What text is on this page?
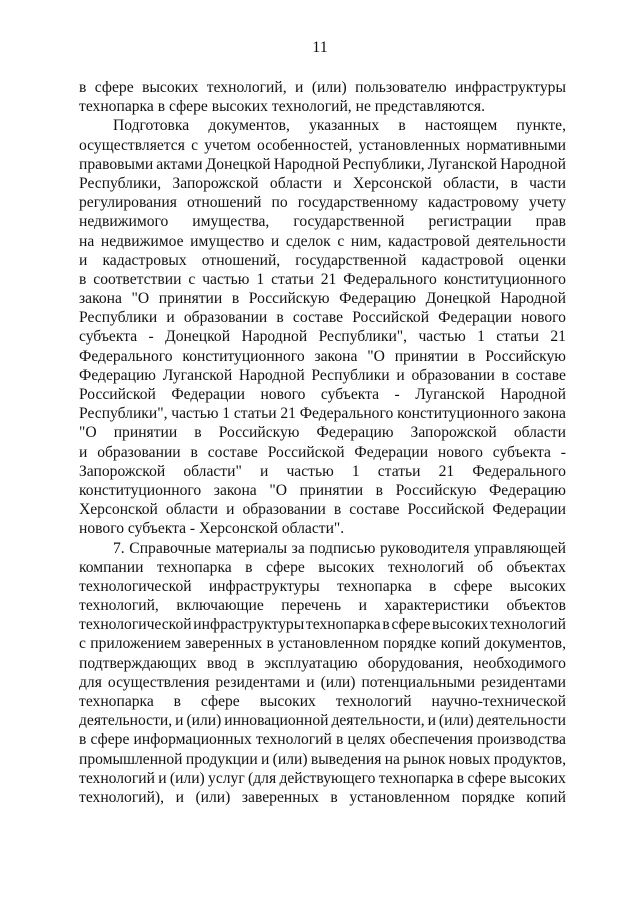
11
в сфере высоких технологий, и (или) пользователю инфраструктуры
технопарка в сфере высоких технологий, не представляются.
Подготовка документов, указанных в настоящем пункте,
осуществляется с учетом особенностей, установленных нормативными
правовыми актами Донецкой Народной Республики, Луганской Народной
Республики, Запорожской области и Херсонской области, в части
регулирования отношений по государственному кадастровому учету
недвижимого имущества, государственной регистрации прав
на недвижимое имущество и сделок с ним, кадастровой деятельности
и кадастровых отношений, государственной кадастровой оценки
в соответствии с частью 1 статьи 21 Федерального конституционного
закона "О принятии в Российскую Федерацию Донецкой Народной
Республики и образовании в составе Российской Федерации нового
субъекта - Донецкой Народной Республики", частью 1 статьи 21
Федерального конституционного закона "О принятии в Российскую
Федерацию Луганской Народной Республики и образовании в составе
Российской Федерации нового субъекта - Луганской Народной
Республики", частью 1 статьи 21 Федерального конституционного закона
"О принятии в Российскую Федерацию Запорожской области
и образовании в составе Российской Федерации нового субъекта -
Запорожской области" и частью 1 статьи 21 Федерального
конституционного закона "О принятии в Российскую Федерацию
Херсонской области и образовании в составе Российской Федерации
нового субъекта - Херсонской области".
7. Справочные материалы за подписью руководителя управляющей
компании технопарка в сфере высоких технологий об объектах
технологической инфраструктуры технопарка в сфере высоких
технологий, включающие перечень и характеристики объектов
технологической инфраструктуры технопарка в сфере высоких технологий
с приложением заверенных в установленном порядке копий документов,
подтверждающих ввод в эксплуатацию оборудования, необходимого
для осуществления резидентами и (или) потенциальными резидентами
технопарка в сфере высоких технологий научно-технической
деятельности, и (или) инновационной деятельности, и (или) деятельности
в сфере информационных технологий в целях обеспечения производства
промышленной продукции и (или) выведения на рынок новых продуктов,
технологий и (или) услуг (для действующего технопарка в сфере высоких
технологий), и (или) заверенных в установленном порядке копий
